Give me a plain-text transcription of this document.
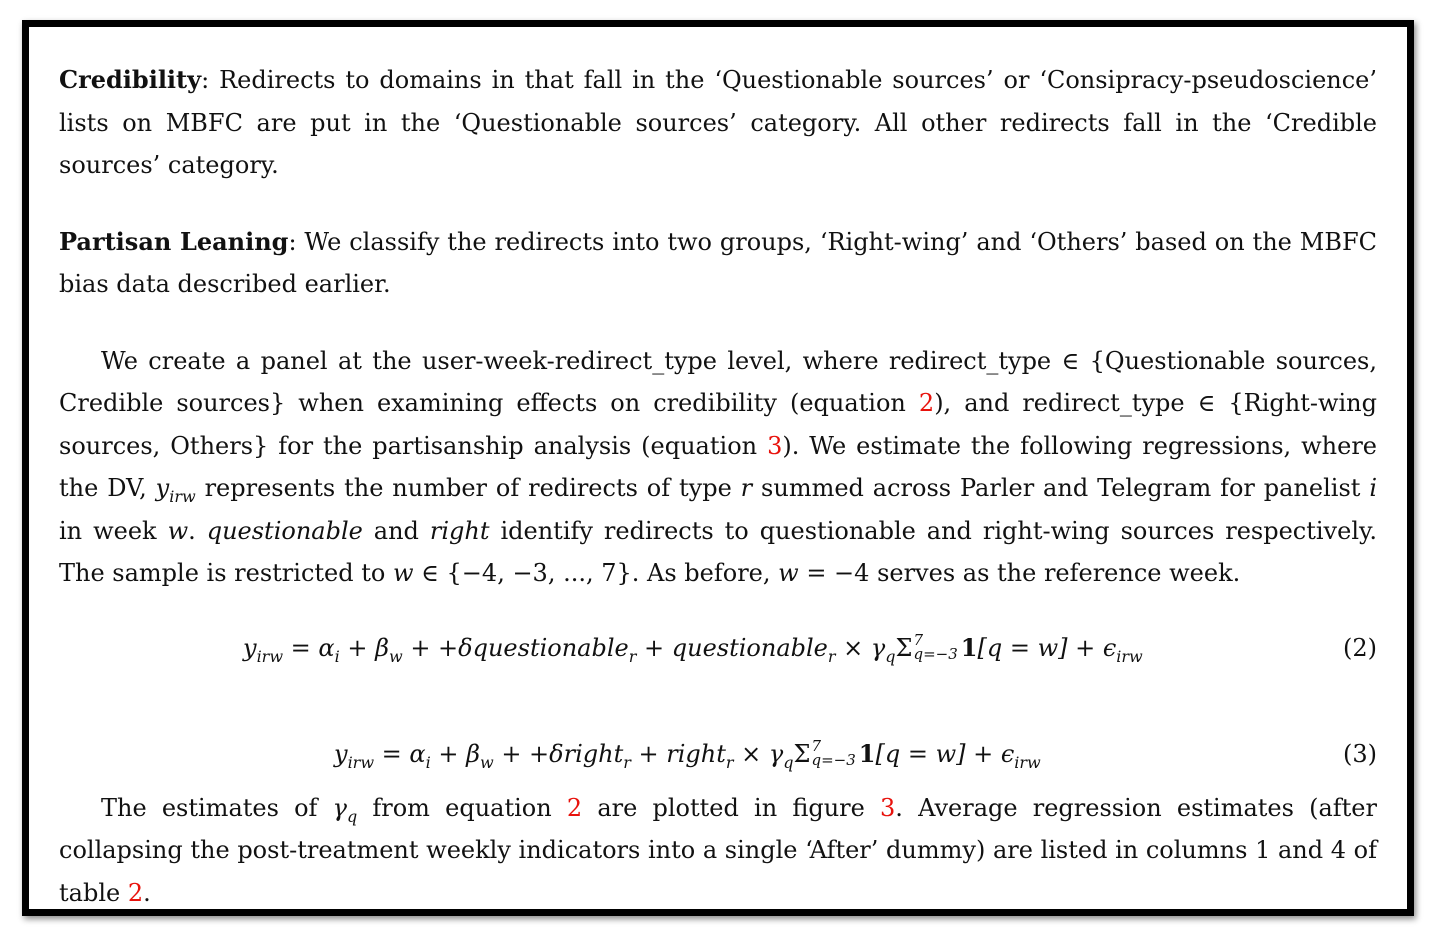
Credibility: Redirects to domains in that fall in the ‘Questionable sources’ or ‘Consipracy-pseudoscience’ lists on MBFC are put in the ‘Questionable sources’ category. All other redirects fall in the ‘Credible sources’ category.

Partisan Leaning: We classify the redirects into two groups, ‘Right-wing’ and ‘Others’ based on the MBFC bias data described earlier.

We create a panel at the user-week-redirect_type level, where redirect_type ∈ {Questionable sources, Credible sources} when examining effects on credibility (equation 2), and redirect_type ∈ {Right-wing sources, Others} for the partisanship analysis (equation 3). We estimate the following regressions, where the DV, $y_{irw}$ represents the number of redirects of type r summed across Parler and Telegram for panelist i in week w. questionable and right identify redirects to questionable and right-wing sources respectively. The sample is restricted to w ∈ {−4, −3, ..., 7}. As before, w = −4 serves as the reference week.

$y_{irw} = \alpha_i + \beta_w$ + +δquestionable$_r$ + questionable$_r$ × $\gamma_q\Sigma$ 7
q=−3 $1[q = w] + \epsilon_{irw}$	(2)
$y_{irw} = \alpha_i + \beta_w$ + +δright$_r$ + right$_r$ × $\gamma_q\Sigma$ 7
q=−3 $1[q = w] + \epsilon_{irw}$	(3)

The estimates of $\gamma_q$ from equation 2 are plotted in figure 3. Average regression estimates (after collapsing the post-treatment weekly indicators into a single ‘After’ dummy) are listed in columns 1 and 4 of table 2.
